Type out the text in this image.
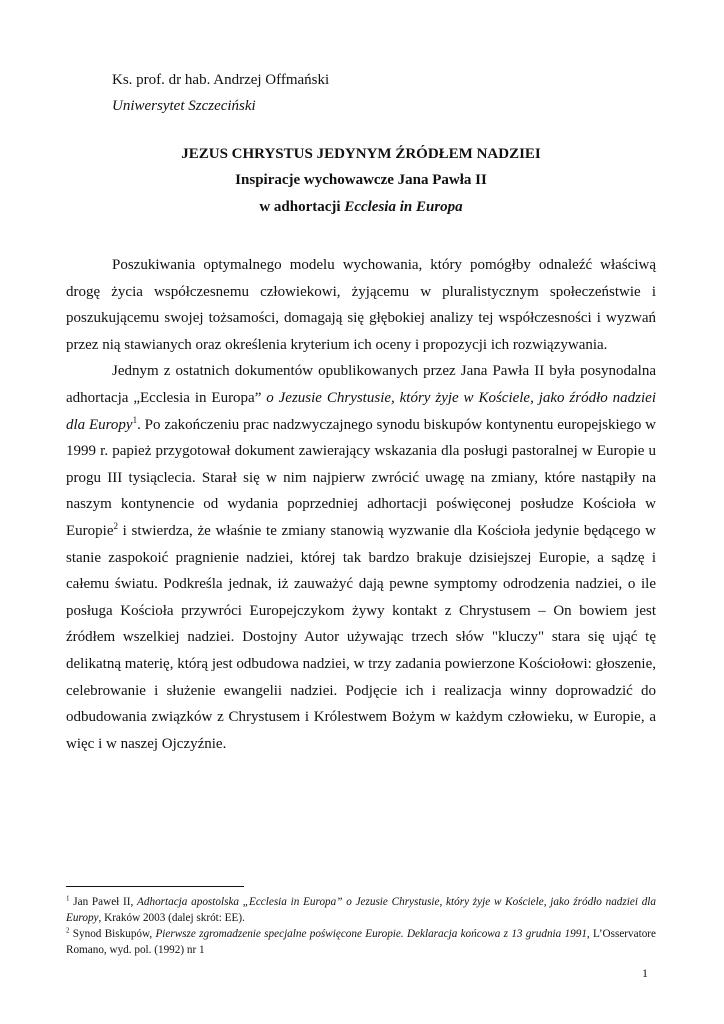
Ks. prof. dr hab. Andrzej Offmański
Uniwersytet Szczeciński
JEZUS CHRYSTUS JEDYNYM ŹRÓDŁEM NADZIEI
Inspiracje wychowawcze Jana Pawła II
w adhortacji Ecclesia in Europa

Poszukiwania optymalnego modelu wychowania, który pomógłby odnaleźć właściwą drogę życia współczesnemu człowiekowi, żyjącemu w pluralistycznym społeczeństwie i poszukującemu swojej tożsamości, domagają się głębokiej analizy tej współczesności i wyzwań przez nią stawianych oraz określenia kryterium ich oceny i propozycji ich rozwiązywania.

Jednym z ostatnich dokumentów opublikowanych przez Jana Pawła II była posynodalna adhortacja „Ecclesia in Europa” o Jezusie Chrystusie, który żyje w Kościele, jako źródło nadziei dla Europy$^1$. Po zakończeniu prac nadzwyczajnego synodu biskupów kontynentu europejskiego w 1999 r. papież przygotował dokument zawierający wskazania dla posługi pastoralnej w Europie u progu III tysiąclecia. Starał się w nim najpierw zwrócić uwagę na zmiany, które nastąpiły na naszym kontynencie od wydania poprzedniej adhortacji poświęconej posłudze Kościoła w Europie$^2$ i stwierdza, że właśnie te zmiany stanowią wyzwanie dla Kościoła jedynie będącego w stanie zaspokoić pragnienie nadziei, której tak bardzo brakuje dzisiejszej Europie, a sądzę i całemu światu. Podkreśla jednak, iż zauważyć dają pewne symptomy odrodzenia nadziei, o ile posługa Kościoła przywróci Europejczykom żywy kontakt z Chrystusem – On bowiem jest źródłem wszelkiej nadziei. Dostojny Autor używając trzech słów "kluczy" stara się ująć tę delikatną materię, którą jest odbudowa nadziei, w trzy zadania powierzone Kościołowi: głoszenie, celebrowanie i służenie ewangelii nadziei. Podjęcie ich i realizacja winny doprowadzić do odbudowania związków z Chrystusem i Królestwem Bożym w każdym człowieku, w Europie, a więc i w naszej Ojczyźnie.

$^1$ Jan Paweł II, Adhortacja apostolska „Ecclesia in Europa” o Jezusie Chrystusie, który żyje w Kościele, jako źródło nadziei dla Europy, Kraków 2003 (dalej skrót: EE).

$^2$ Synod Biskupów, Pierwsze zgromadzenie specjalne poświęcone Europie. Deklaracja końcowa z 13 grudnia 1991, L’Osservatore Romano, wyd. pol. (1992) nr 1

1
